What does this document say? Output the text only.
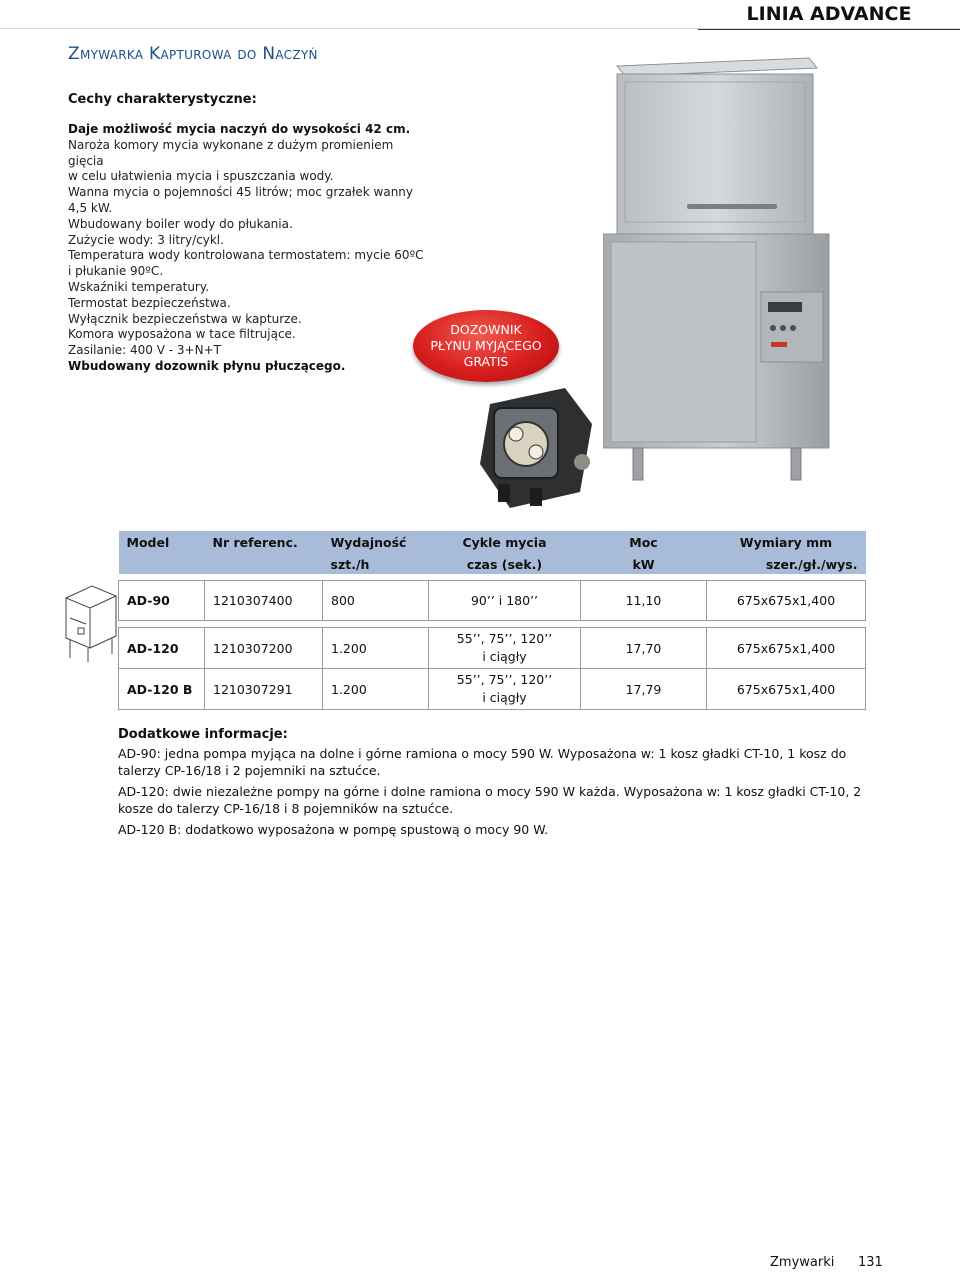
LINIA ADVANCE
Zmywarka Kapturowa do Naczyń
Cechy charakterystyczne:
Daje możliwość mycia naczyń do wysokości 42 cm.
Naroża komory mycia wykonane z dużym promieniem gięcia
w celu ułatwienia mycia i spuszczania wody.
Wanna mycia o pojemności 45 litrów; moc grzałek wanny 4,5 kW.
Wbudowany boiler wody do płukania.
Zużycie wody: 3 litry/cykl.
Temperatura wody kontrolowana termostatem: mycie 60ºC
i płukanie 90ºC.
Wskaźniki temperatury.
Termostat bezpieczeństwa.
Wyłącznik bezpieczeństwa w kapturze.
Komora wyposażona w tace filtrujące.
Zasilanie: 400 V - 3+N+T
Wbudowany dozownik płynu płuczącego.
DOZOWNIK
PŁYNU MYJĄCEGO
GRATIS
Model	Nr referenc.	Wydajność	Cykle mycia	Moc	Wymiary mm
		szt./h	czas (sek.)	kW	szer./gł./wys.

AD-90	1210307400	800	90’’ i 180’’	11,10	675x675x1,400

AD-120	1210307200	1.200	55’’, 75’’, 120’’
i ciągły	17,70	675x675x1,400
AD-120 B	1210307291	1.200	55’’, 75’’, 120’’
i ciągły	17,79	675x675x1,400
Dodatkowe informacje:

AD-90: jedna pompa myjąca na dolne i górne ramiona o mocy 590 W. Wyposażona w: 1 kosz gładki CT-10, 1 kosz do talerzy CP-16/18 i 2 pojemniki na sztućce.

AD-120: dwie niezależne pompy na górne i dolne ramiona o mocy 590 W każda. Wyposażona w: 1 kosz gładki CT-10, 2 kosze do talerzy CP-16/18 i 8 pojemników na sztućce.

AD-120 B: dodatkowo wyposażona w pompę spustową o mocy 90 W.

Zmywarki 131
